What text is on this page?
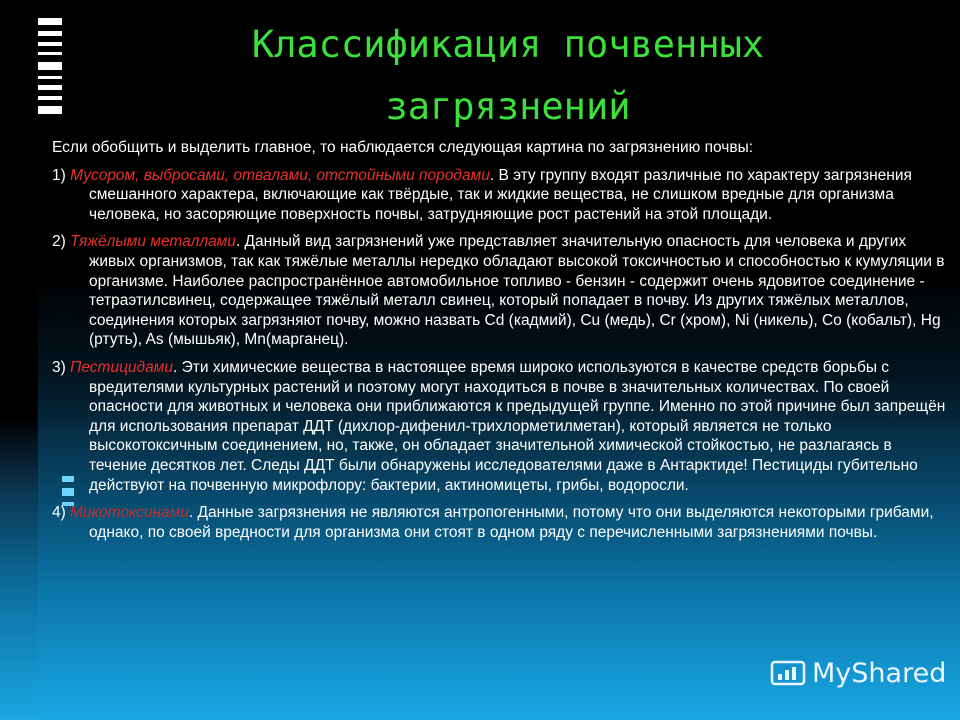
Классификация почвенных
загрязнений

Если обобщить и выделить главное, то наблюдается следующая картина по загрязнению почвы:

1) Мусором, выбросами, отвалами, отстойными породами. В эту группу входят различные по характеру загрязнения смешанного характера, включающие как твёрдые, так и жидкие вещества, не слишком вредные для организма человека, но засоряющие поверхность почвы, затрудняющие рост растений на этой площади.

2) Тяжёлыми металлами. Данный вид загрязнений уже представляет значительную опасность для человека и других живых организмов, так как тяжёлые металлы нередко обладают высокой токсичностью и способностью к кумуляции в организме. Наиболее распространённое автомобильное топливо - бензин - содержит очень ядовитое соединение - тетраэтилсвинец, содержащее тяжёлый металл свинец, который попадает в почву. Из других тяжёлых металлов, соединения которых загрязняют почву, можно назвать Cd (кадмий), Cu (медь), Cr (хром), Ni (никель), Co (кобальт), Hg (ртуть), As (мышьяк), Mn(марганец).

3) Пестицидами. Эти химические вещества в настоящее время широко используются в качестве средств борьбы с вредителями культурных растений и поэтому могут находиться в почве в значительных количествах. По своей опасности для животных и человека они приближаются к предыдущей группе. Именно по этой причине был запрещён для использования препарат ДДТ (дихлор-дифенил-трихлорметилметан), который является не только высокотоксичным соединением, но, также, он обладает значительной химической стойкостью, не разлагаясь в течение десятков лет. Следы ДДТ были обнаружены исследователями даже в Антарктиде! Пестициды губительно действуют на почвенную микрофлору: бактерии, актиномицеты, грибы, водоросли.

4) Микотоксинами. Данные загрязнения не являются антропогенными, потому что они выделяются некоторыми грибами, однако, по своей вредности для организма они стоят в одном ряду с перечисленными загрязнениями почвы.

MyShared
